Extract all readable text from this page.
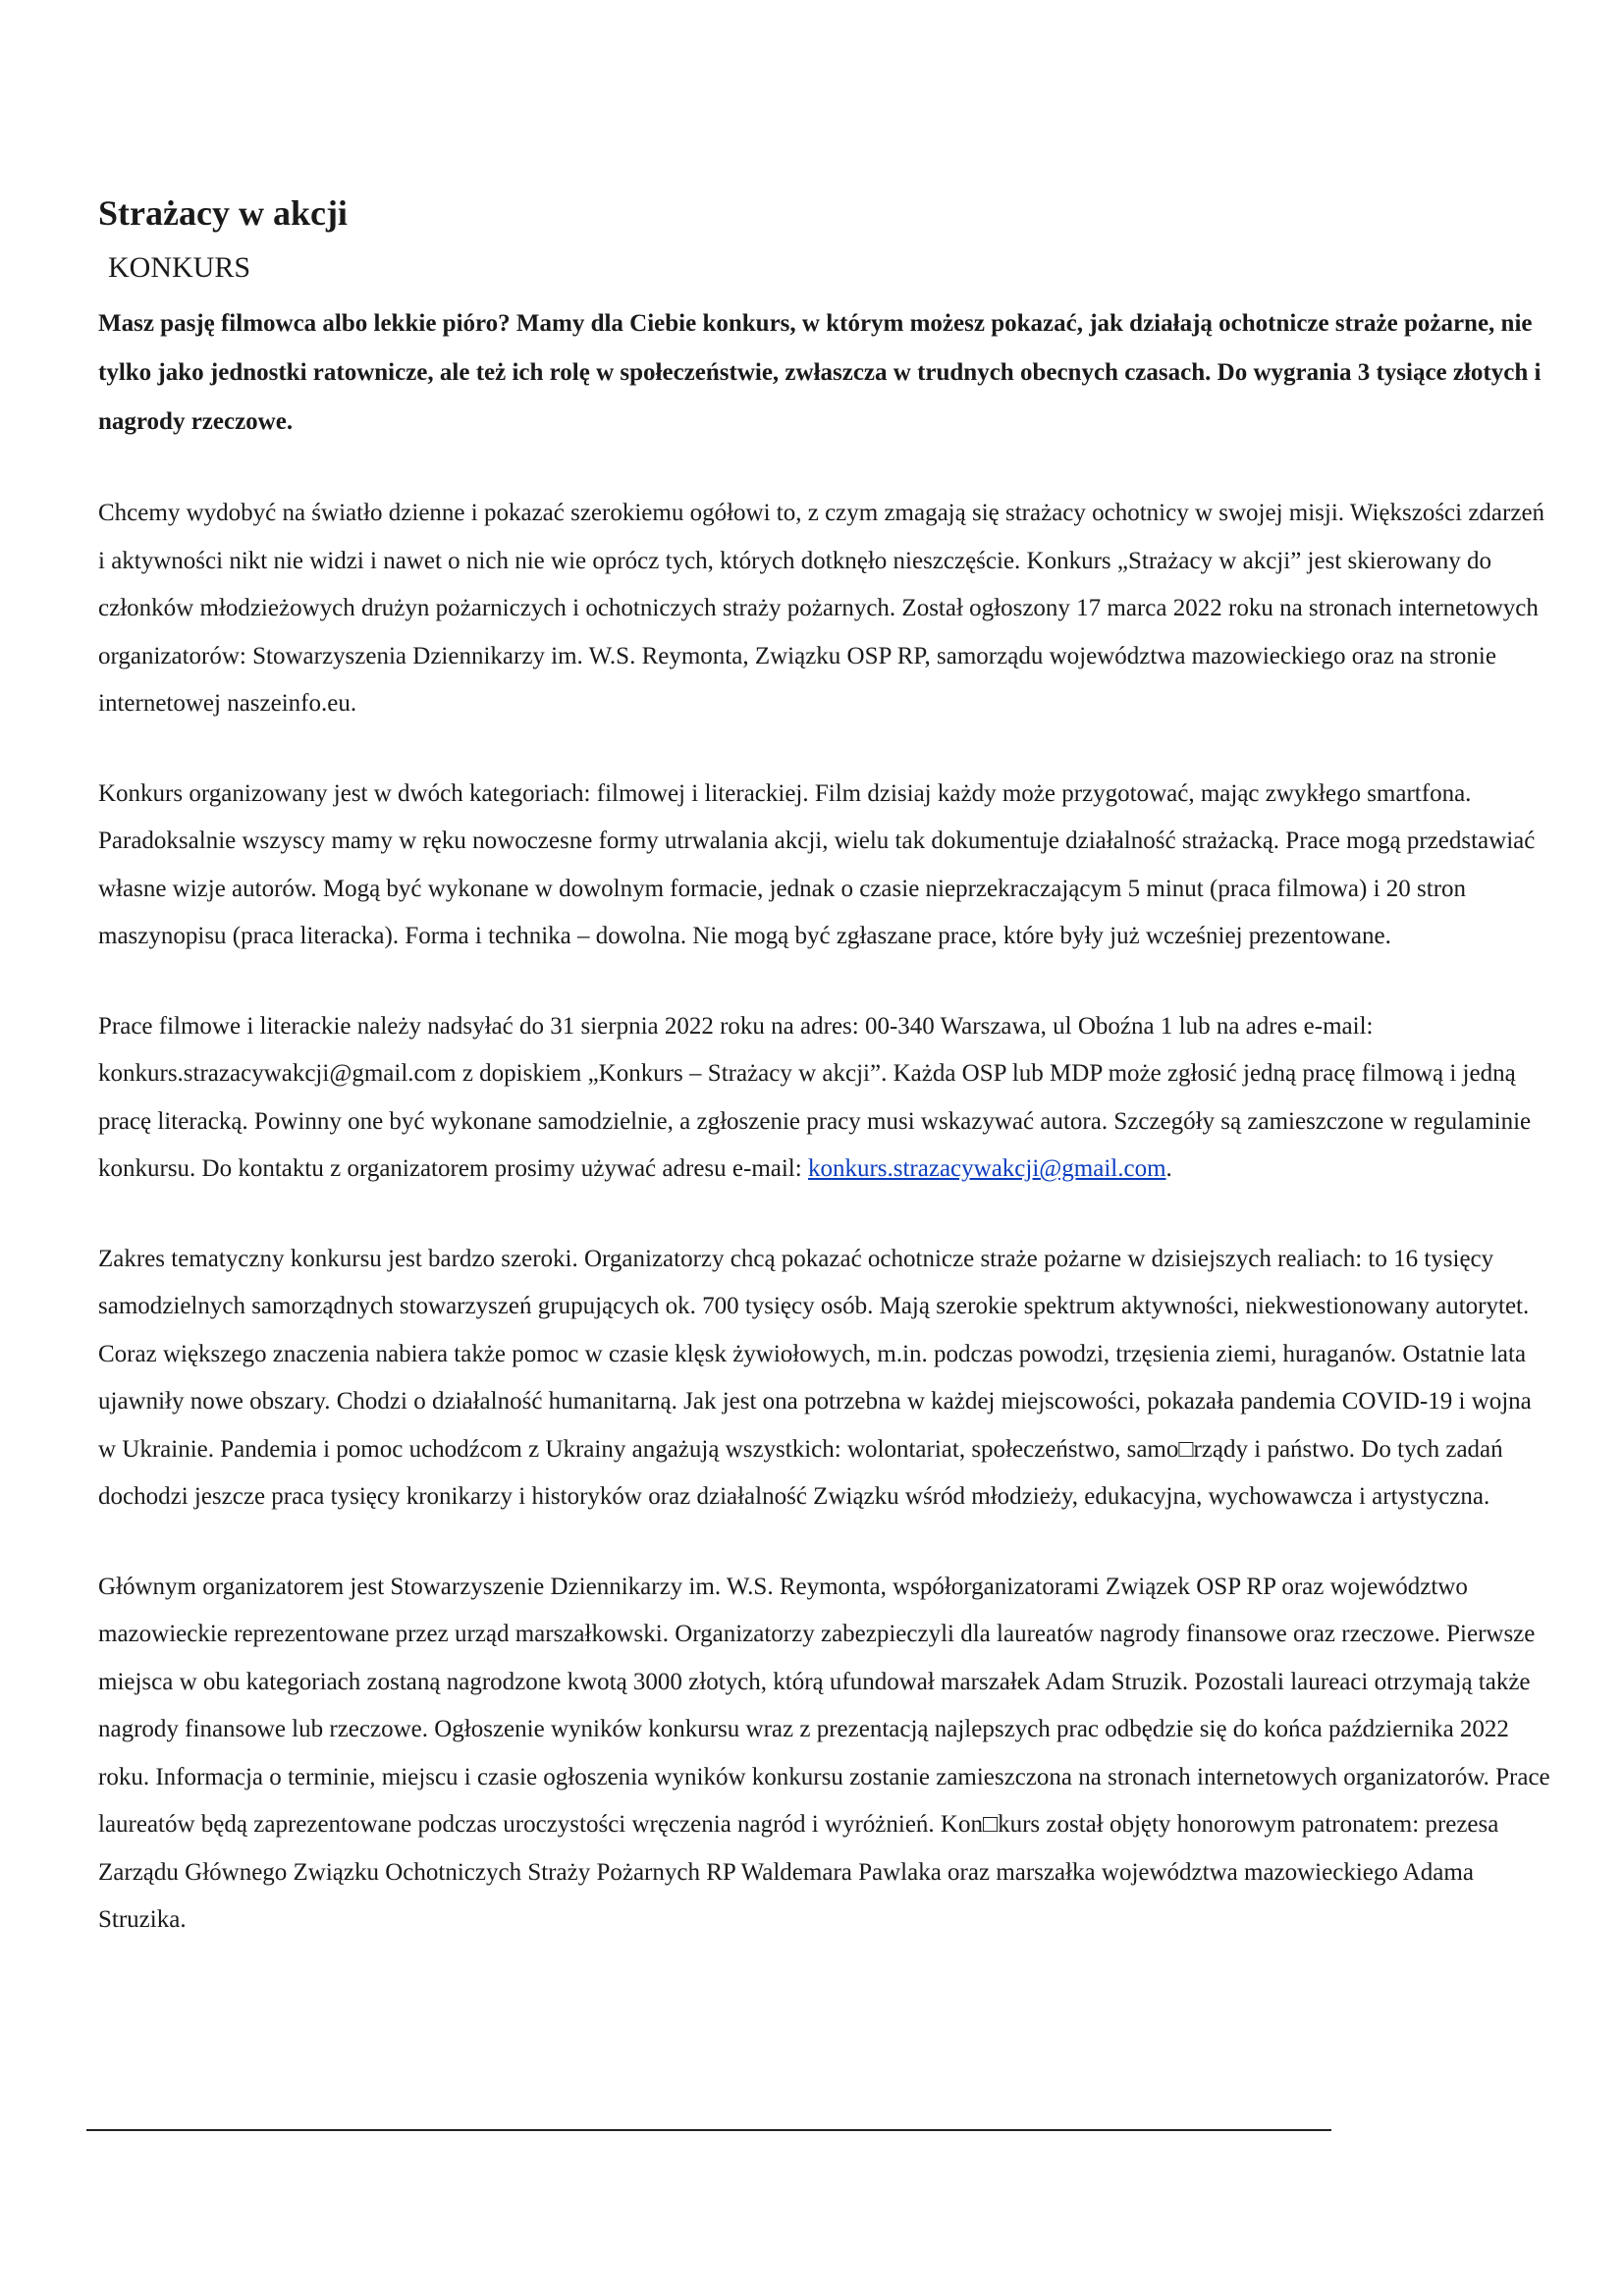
Strażacy w akcji
KONKURS
Masz pasję filmowca albo lekkie pióro? Mamy dla Ciebie konkurs, w którym możesz pokazać, jak działają ochotnicze straże pożarne, nie tylko jako jednostki ratownicze, ale też ich rolę w społeczeństwie, zwłaszcza w trudnych obecnych czasach. Do wygrania 3 tysiące złotych i nagrody rzeczowe.

Chcemy wydobyć na światło dzienne i pokazać szerokiemu ogółowi to, z czym zmagają się strażacy ochotnicy w swojej misji. Większości zdarzeń i aktywności nikt nie widzi i nawet o nich nie wie oprócz tych, których dotknęło nieszczęście. Konkurs „Strażacy w akcji” jest skierowany do członków młodzieżowych drużyn pożarniczych i ochotniczych straży pożarnych. Został ogłoszony 17 marca 2022 roku na stronach internetowych organizatorów: Stowarzyszenia Dziennikarzy im. W.S. Reymonta, Związku OSP RP, samorządu województwa mazowieckiego oraz na stronie internetowej naszeinfo.eu.

Konkurs organizowany jest w dwóch kategoriach: filmowej i literackiej. Film dzisiaj każdy może przygotować, mając zwykłego smartfona. Paradoksalnie wszyscy mamy w ręku nowoczesne formy utrwalania akcji, wielu tak dokumentuje działalność strażacką. Prace mogą przedstawiać własne wizje autorów. Mogą być wykonane w dowolnym formacie, jednak o czasie nieprzekraczającym 5 minut (praca filmowa) i 20 stron maszynopisu (praca literacka). Forma i technika – dowolna. Nie mogą być zgłaszane prace, które były już wcześniej prezentowane.

Prace filmowe i literackie należy nadsyłać do 31 sierpnia 2022 roku na adres: 00-340 Warszawa, ul Oboźna 1 lub na adres e-mail: konkurs.strazacywakcji@gmail.com z dopiskiem „Konkurs – Strażacy w akcji”. Każda OSP lub MDP może zgłosić jedną pracę filmową i jedną pracę literacką. Powinny one być wykonane samodzielnie, a zgłoszenie pracy musi wskazywać autora. Szczegóły są zamieszczone w regulaminie konkursu. Do kontaktu z organizatorem prosimy używać adresu e-mail: konkurs.strazacywakcji@gmail.com.

Zakres tematyczny konkursu jest bardzo szeroki. Organizatorzy chcą pokazać ochotnicze straże pożarne w dzisiejszych realiach: to 16 tysięcy samodzielnych samorządnych stowarzyszeń grupujących ok. 700 tysięcy osób. Mają szerokie spektrum aktywności, niekwestionowany autorytet. Coraz większego znaczenia nabiera także pomoc w czasie klęsk żywiołowych, m.in. podczas powodzi, trzęsienia ziemi, huraganów. Ostatnie lata ujawniły nowe obszary. Chodzi o działalność humanitarną. Jak jest ona potrzebna w każdej miejscowości, pokazała pandemia COVID-19 i wojna w Ukrainie. Pandemia i pomoc uchodźcom z Ukrainy angażują wszystkich: wolontariat, społeczeństwo, samo□rządy i państwo. Do tych zadań dochodzi jeszcze praca tysięcy kronikarzy i historyków oraz działalność Związku wśród młodzieży, edukacyjna, wychowawcza i artystyczna.

Głównym organizatorem jest Stowarzyszenie Dziennikarzy im. W.S. Reymonta, współorganizatorami Związek OSP RP oraz województwo mazowieckie reprezentowane przez urząd marszałkowski. Organizatorzy zabezpieczyli dla laureatów nagrody finansowe oraz rzeczowe. Pierwsze miejsca w obu kategoriach zostaną nagrodzone kwotą 3000 złotych, którą ufundował marszałek Adam Struzik. Pozostali laureaci otrzymają także nagrody finansowe lub rzeczowe. Ogłoszenie wyników konkursu wraz z prezentacją najlepszych prac odbędzie się do końca października 2022 roku. Informacja o terminie, miejscu i czasie ogłoszenia wyników konkursu zostanie zamieszczona na stronach internetowych organizatorów. Prace laureatów będą zaprezentowane podczas uroczystości wręczenia nagród i wyróżnień. Kon□kurs został objęty honorowym patronatem: prezesa Zarządu Głównego Związku Ochotniczych Straży Pożarnych RP Waldemara Pawlaka oraz marszałka województwa mazowieckiego Adama Struzika.
